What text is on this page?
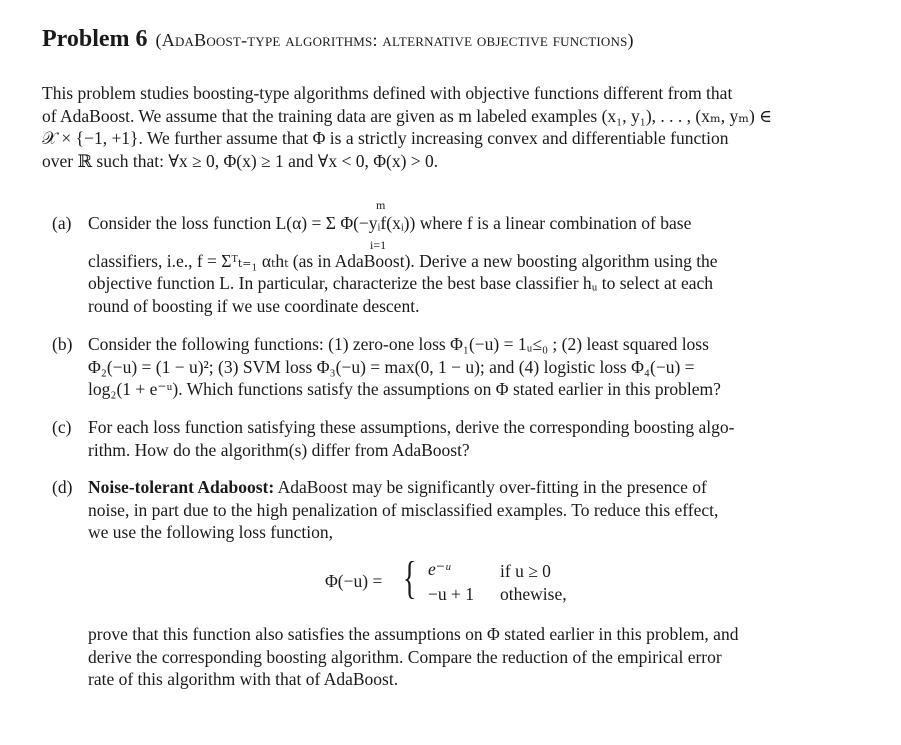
Problem 6 (AdaBoost-type algorithms: alternative objective functions)
This problem studies boosting-type algorithms defined with objective functions different from that
of AdaBoost. We assume that the training data are given as m labeled examples (x₁, y₁), . . . , (xₘ, yₘ) ∈
𝒳 × {−1, +1}. We further assume that Φ is a strictly increasing convex and differentiable function
over ℝ such that: ∀x ≥ 0, Φ(x) ≥ 1 and ∀x < 0, Φ(x) > 0.
(a) Consider the loss function L(α) = Σ Φ(−yᵢf(xᵢ)) where f is a linear combination of base
m
i=1
classifiers, i.e., f = Σᵀₜ₌₁ αₜhₜ (as in AdaBoost). Derive a new boosting algorithm using the
objective function L. In particular, characterize the best base classifier hᵤ to select at each
round of boosting if we use coordinate descent.
(b) Consider the following functions: (1) zero-one loss Φ₁(−u) = 1ᵤ≤₀ ; (2) least squared loss
Φ₂(−u) = (1 − u)²; (3) SVM loss Φ₃(−u) = max(0, 1 − u); and (4) logistic loss Φ₄(−u) =
log₂(1 + e⁻ᵘ). Which functions satisfy the assumptions on Φ stated earlier in this problem?
(c) For each loss function satisfying these assumptions, derive the corresponding boosting algo-
rithm. How do the algorithm(s) differ from AdaBoost?
(d) Noise-tolerant Adaboost: AdaBoost may be significantly over-fitting in the presence of
noise, in part due to the high penalization of misclassified examples. To reduce this effect,
we use the following loss function,
Φ(−u) = { e⁻ᵘ	if u ≥ 0
−u + 1 othewise,
prove that this function also satisfies the assumptions on Φ stated earlier in this problem, and
derive the corresponding boosting algorithm. Compare the reduction of the empirical error
rate of this algorithm with that of AdaBoost.
